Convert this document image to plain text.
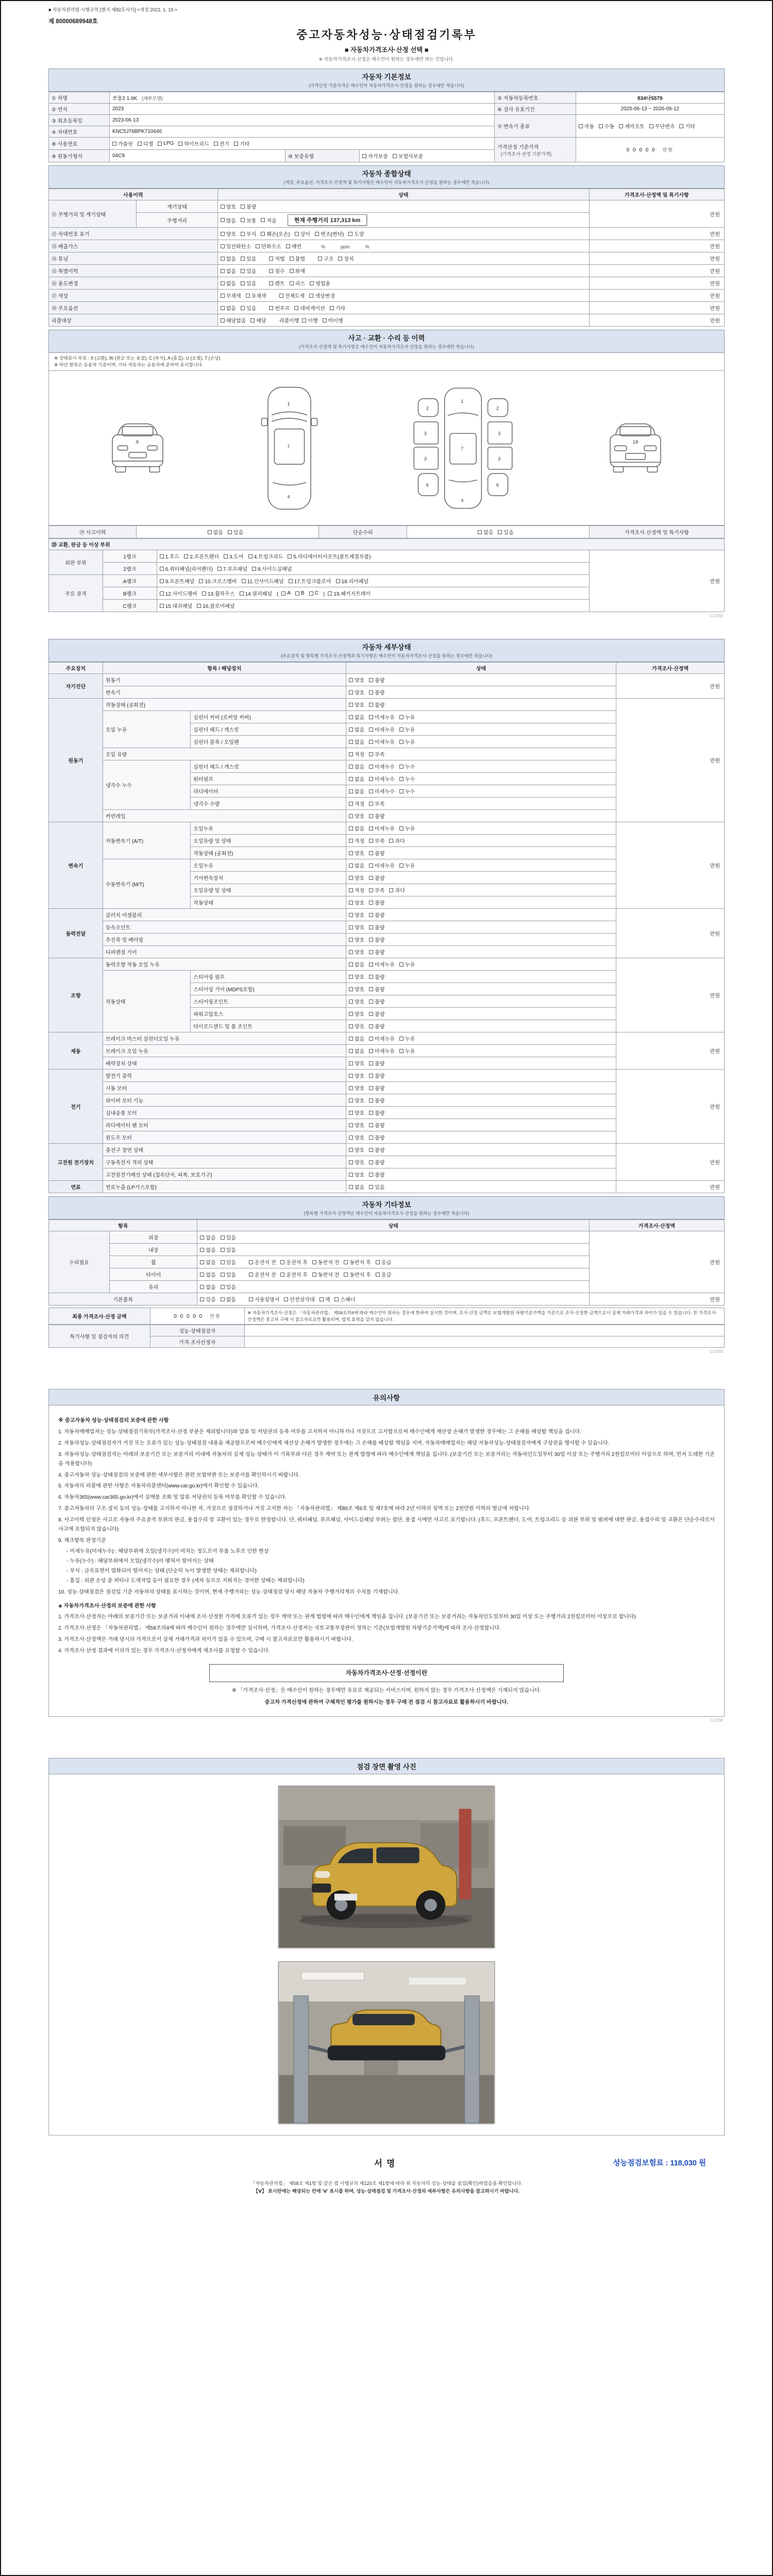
■ 자동차관리법 시행규칙 [별지 제82호서식] <개정 2021. 1. 19.>
제 80000689948호
중고자동차성능·상태점검기록부
■ 자동차가격조사·산정 선택 ■
※ 자동차가격조사·산정은 매수인이 원하는 경우에만 하는 것입니다.
자동차 기본정보
(가격산정 기준가격은 매수인이 자동차가격조사·산정을 원하는 경우에만 적습니다)
① 차명	쏘울2 1.6K  (세부모델)			⑤ 자동차등록번호	834나5579
② 연식	2023			⑥ 검사 유효기간	2025-06-13 ~ 2026-06-12
③ 최초등록일	2023-06-13			⑦ 변속기 종류	자동 수동 세미오토 무단변속 기타

④ 차대번호	KNC5J76BPK710646				
⑧ 사용연료	가솔린 디젤 LPG 하이브리드 전기 기타	가격산정 기준가격 (가격조사·산정 기준가격)	0 0 0 0 0  만원
⑨ 원동기형식	04C9	⑩ 보증유형	자가보증 보험사보증		
자동차 종합상태
(색상, 주요옵션, 가격조사·산정액 및 특기사항은 매수인이 자동차가격조사·산정을 원하는 경우에만 적습니다)
사용이력		상태	가격조사·산정액 및 특기사항
⑪ 주행거리 및 계기상태	계기상태	양호 불량	만원
	주행거리	많음 보통 적음 현재 주행거리 137,313 km	
⑫ 차대번호 표기	양호 부식 훼손(오손) 상이 변조(변타) 도말	만원
⑬ 배출가스		일산화탄소 탄화수소 매연 %            ppm            %	만원
⑭ 튜닝	없음 있음	적법 불법	구조 장치	만원
⑮ 특별이력		없음 있음 침수 화재	만원
⑯ 용도변경		없음 있음 렌트 리스 영업용	만원
⑰ 색상		무채색 유채색 전체도색 색상변경	만원
⑱ 주요옵션		없음 있음 썬루프 네비게이션 기타	만원
리콜대상		해당없음 해당 리콜이행 이행 미이행	만원
사고 · 교환 · 수리 등 이력
(가격조사·산정액 및 특기사항은 매수인이 자동차가격조사·산정을 원하는 경우에만 적습니다)
※ 상태표시 부호 : X (교환), W (판금 또는 용접), C (부식), A (흠집), U (요철), T (손상)
※ 하단 항목은 승용차 기준이며, 기타 자동차는 승용차에 준하여 표시합니다.
9
1
7
4
2
3
3
6
2
3
3
6
1
7
4
18
⑲ 사고이력	없음 있음	단순수리	없음 있음	가격조사·산정액 및 특기사항
⑳ 교환, 판금 등 이상 부위			
외판 부위	1랭크	1.후드 2.프론트펜더 3.도어 4.트렁크리드 5.라디에이터서포트(볼트체결부품)	만원
	2랭크	6.쿼터패널(리어펜더) 7.루프패널 8.사이드실패널	

주요 골격	A랭크	9.프론트패널 10.크로스멤버 11.인사이드패널 17.트렁크플로어 18.리어패널	

B랭크	12.사이드멤버 13.휠하우스 14.필러패널 ( A B C ) 19.패키지트레이

	C랭크	15.대쉬패널 16.플로어패널	
CLOSE
자동차 세부상태
(주요장치 및 항목별 가격조사·산정액과 특기사항은 매수인이 자동차가격조사·산정을 원하는 경우에만 적습니다)
주요장치	항목 / 해당장치		상태	가격조사·산정액
자기진단	원동기		양호 불량	만원
	변속기		양호 불량	

원동기	작동상태 (공회전)		양호 불량	만원
	오일 누유	실린더 커버 (로커암 커버)	없음 미세누유 누유	

		실린더 헤드 / 개스킷	없음 미세누유 누유	

		실린더 블록 / 오일팬	없음 미세누유 누유	

	오일 유량		적정 부족	

	냉각수 누수	실린더 헤드 / 개스킷	없음 미세누수 누수	

		워터펌프	없음 미세누수 누수	

		라디에이터	없음 미세누수 누수	

		냉각수 수량	적정 부족	

	커먼레일		양호 불량	

변속기	자동변속기 (A/T)	오일누유	없음 미세누유 누유	만원
		오일유량 및 상태	적정 부족 과다	

		작동상태 (공회전)	양호 불량	

	수동변속기 (M/T)	오일누유	없음 미세누유 누유	

		기어변속장치	양호 불량	

		오일유량 및 상태	적정 부족 과다	

		작동상태	양호 불량	

동력전달	클러치 어셈블리		양호 불량	만원
	등속조인트		양호 불량	

	추진축 및 베어링		양호 불량	

	디퍼렌셜 기어		양호 불량	

조향	동력조향 작동 오일 누유		없음 미세누유 누유	만원
	작동상태	스티어링 펌프	양호 불량	

		스티어링 기어 (MDPS포함)	양호 불량	

		스티어링조인트	양호 불량	

		파워고압호스	양호 불량	

		타이로드엔드 및 볼 조인트	양호 불량	

제동	브레이크 마스터 실린더오일 누유		없음 미세누유 누유	만원
	브레이크 오일 누유		없음 미세누유 누유	

	배력장치 상태		양호 불량	

전기	발전기 출력		양호 불량	만원
	시동 모터		양호 불량	

	와이퍼 모터 기능		양호 불량	

	실내송풍 모터		양호 불량	

	라디에이터 팬 모터		양호 불량	

	윈도우 모터		양호 불량	

고전원 전기장치	충전구 절연 상태		양호 불량	만원
	구동축전지 격리 상태		양호 불량	

	고전원전기배선 상태 (접속단자, 피복, 보호기구)		양호 불량	

연료	연료누출 (LP가스포함)		없음 있음	만원
자동차 기타정보
(항목별 가격조사·산정액은 매수인이 자동차가격조사·산정을 원하는 경우에만 적습니다)
항목		상태	가격조사·산정액
수리필요	외장	없음 있음	만원
	내장	없음 있음	

휠	없음 있음	운전석 전 운전석 후 동반석 전 동반석 후 응급

타이어	없음 있음	운전석 전 운전석 후 동반석 전 동반석 후 응급

	유리	없음 있음	

기본품목	있음 없음	사용설명서 안전삼각대 잭 스패너	만원
최종 가격조사·산정 금액	0 0 0 0 0  만원	※ 자동차가격조사·산정은 「자동차관리법」 제58조의4에 따라 매수인이 원하는 경우에 한하여 실시한 것이며, 조사·산정 금액은 보험개발원 차량기준가액을 기준으로 조사·산정한 금액으로서 실제 거래가격과 차이가 있을 수 있습니다. 본 가격조사·산정액은 중고차 구매 시 참고자료로만 활용되며, 법적 효력을 갖지 않습니다.
특기사항 및 점검자의 의견	성능·상태점검자	
	가격·조사산정자	
CLOSE
유의사항
※ 중고자동차 성능·상태점검의 보증에 관한 사항
1. 자동차매매업자는 성능·상태점검기록부(가격조사·산정 부분은 제외합니다)와 압류 및 저당권의 등록 여부를 고지하지 아니하거나 거짓으로 고지함으로써 매수인에게 재산상 손해가 발생한 경우에는 그 손해를 배상할 책임을 집니다.
2. 자동차성능·상태점검자가 거짓 또는 오류가 있는 성능·상태점검 내용을 제공함으로써 매수인에게 재산상 손해가 발생한 경우에는 그 손해를 배상할 책임을 지며, 자동차매매업자는 해당 자동차성능·상태점검자에게 구상권을 행사할 수 있습니다.
3. 자동차성능·상태점검자는 아래의 보증기간 또는 보증거리 이내에 자동차의 실제 성능·상태가 이 기록부와 다른 경우 계약 또는 관계 법령에 따라 매수인에게 책임을 집니다. (보증기간 또는 보증거리는 자동차인도일부터 30일 이상 또는 주행거리 2천킬로미터 이상으로 하며, 먼저 도래한 기준을 적용합니다)
4. 중고자동차 성능·상태점검의 보증에 관한 세부사항은 관련 보험약관 또는 보증서를 확인하시기 바랍니다.
5. 자동차의 리콜에 관한 사항은 자동차리콜센터(www.car.go.kr)에서 확인할 수 있습니다.
6. 자동차365(www.car365.go.kr)에서 실매물 조회 및 압류·저당권의 등록 여부를 확인할 수 있습니다.
7. 중고자동차의 구조·장치 등의 성능·상태를 고지하지 아니한 자, 거짓으로 점검하거나 거짓 고지한 자는 「자동차관리법」 제80조 제6호 및 제7호에 따라 2년 이하의 징역 또는 2천만원 이하의 벌금에 처합니다.
8. 사고이력 인정은 사고로 자동차 주요골격 부위의 판금, 용접수리 및 교환이 있는 경우로 한정합니다. 단, 쿼터패널, 루프패널, 사이드실패널 부위는 절단, 용접 시에만 사고로 표기합니다. (후드, 프론트펜더, 도어, 트렁크리드 등 외판 부위 및 범퍼에 대한 판금, 용접수리 및 교환은 단순수리로서 사고에 포함되지 않습니다)
9. 체크항목 판정기준
- 미세누유(미세누수) : 해당부위에 오일(냉각수)이 비치는 정도로서 부품 노후로 인한 현상
- 누유(누수) : 해당부위에서 오일(냉각수)이 맺혀서 떨어지는 상태
- 부식 : 금속표면이 열화되어 떨어지는 상태 (단순히 녹이 발생한 상태는 제외합니다)
- 흠집 : 외관 손상 중 퍼티나 도색작업 등이 필요한 경우 (세차 등으로 지워지는 경미한 상태는 제외합니다)
10. 성능·상태점검은 점검일 기준 자동차의 상태를 표시하는 것이며, 현재 주행거리는 성능·상태점검 당시 해당 자동차 주행거리계의 수치를 기재합니다.
◈ 자동차가격조사·산정의 보증에 관한 사항
1. 가격조사·산정자는 아래의 보증기간 또는 보증거리 이내에 조사·산정한 가격에 오류가 있는 경우 계약 또는 관계 법령에 따라 매수인에게 책임을 집니다. (보증기간 또는 보증거리는 자동차인도일부터 30일 이상 또는 주행거리 2천킬로미터 이상으로 합니다)
2. 가격조사·산정은 「자동차관리법」 제58조의4에 따라 매수인이 원하는 경우에만 실시하며, 가격조사·산정자는 국토교통부장관이 정하는 기준(보험개발원 차량기준가액)에 따라 조사·산정합니다.
3. 가격조사·산정액은 거래 당시의 가격으로서 실제 거래가격과 차이가 있을 수 있으며, 구매 시 참고자료로만 활용하시기 바랍니다.
4. 가격조사·산정 결과에 이의가 있는 경우 가격조사·산정자에게 재조사를 요청할 수 있습니다.
자동차가격조사·산정·선정이란
※ 「가격조사·산정」은 매수인이 원하는 경우에만 유료로 제공되는 서비스이며, 원하지 않는 경우 가격조사·산정액은 기재되지 않습니다.
중고차 가격산정에 관하여 구체적인 평가를 원하시는 경우 구매 전 점검 시 참고자료로 활용하시기 바랍니다.
CLOSE
점검 장면 촬영 사진
서명	성능점검보험료 : 118,030 원
「자동차관리법」 제58조 제1항 및 같은 법 시행규칙 제120조 제1항에 따라 위 자동차의 성능·상태를 점검(확인)하였음을 확인합니다.
【Ⅴ】 표시란에는 해당되는 칸에 'Ⅴ' 표시를 하며, 성능·상태점검 및 가격조사·산정의 세부사항은 유의사항을 참고하시기 바랍니다.
